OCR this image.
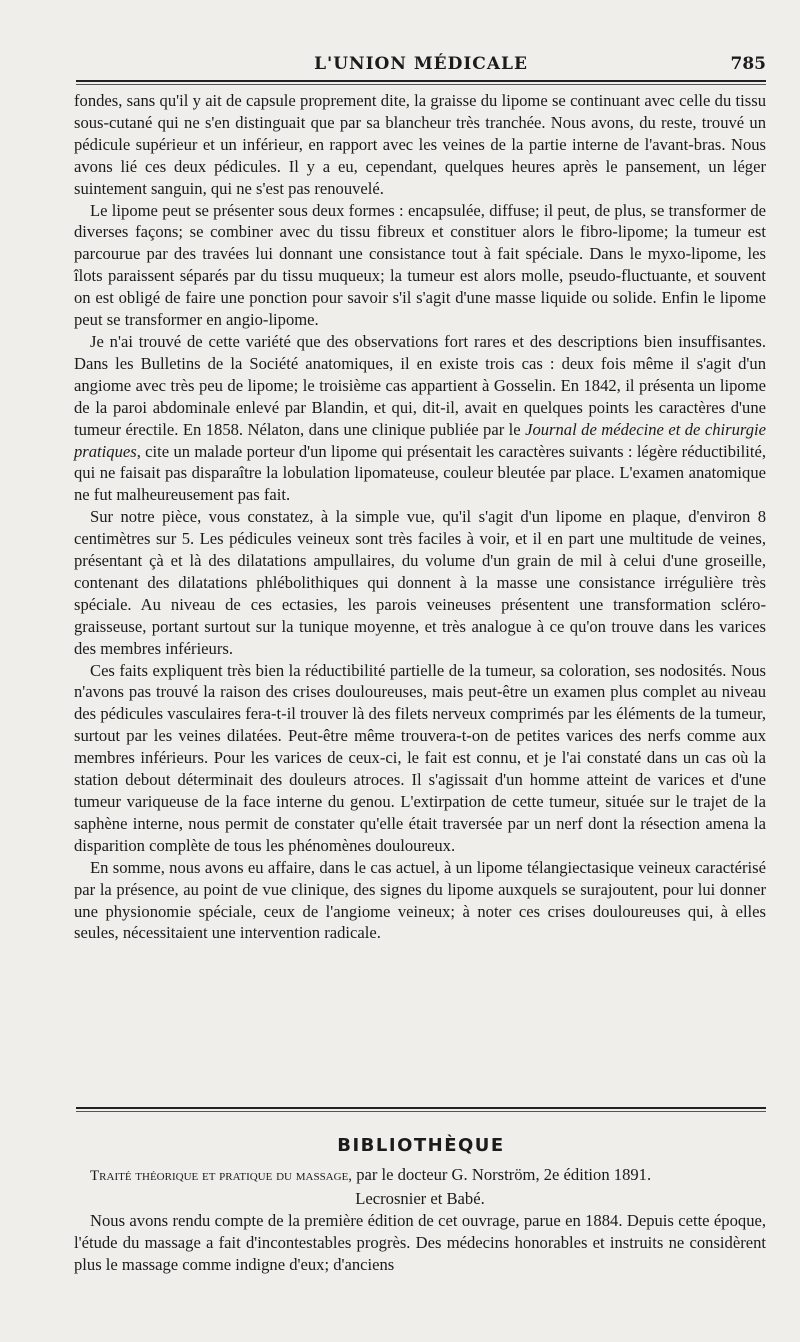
L'UNION MÉDICALE	785

fondes, sans qu'il y ait de capsule proprement dite, la graisse du lipome se continuant avec celle du tissu sous-cutané qui ne s'en distinguait que par sa blancheur très tranchée. Nous avons, du reste, trouvé un pédicule supérieur et un inférieur, en rapport avec les veines de la partie interne de l'avant-bras. Nous avons lié ces deux pédicules. Il y a eu, cependant, quelques heures après le pansement, un léger suintement sanguin, qui ne s'est pas renouvelé.

Le lipome peut se présenter sous deux formes : encapsulée, diffuse; il peut, de plus, se transformer de diverses façons; se combiner avec du tissu fibreux et constituer alors le fibro-lipome; la tumeur est parcourue par des travées lui donnant une consistance tout à fait spéciale. Dans le myxo-lipome, les îlots paraissent séparés par du tissu muqueux; la tumeur est alors molle, pseudo-fluctuante, et souvent on est obligé de faire une ponction pour savoir s'il s'agit d'une masse liquide ou solide. Enfin le lipome peut se transformer en angio-lipome.

Je n'ai trouvé de cette variété que des observations fort rares et des descriptions bien insuffisantes. Dans les Bulletins de la Société anatomiques, il en existe trois cas : deux fois même il s'agit d'un angiome avec très peu de lipome; le troisième cas appartient à Gosselin. En 1842, il présenta un lipome de la paroi abdominale enlevé par Blandin, et qui, dit-il, avait en quelques points les caractères d'une tumeur érectile. En 1858. Nélaton, dans une clinique publiée par le Journal de médecine et de chirurgie pratiques, cite un malade porteur d'un lipome qui présentait les caractères suivants : légère réductibilité, qui ne faisait pas disparaître la lobulation lipomateuse, couleur bleutée par place. L'examen anatomique ne fut malheureusement pas fait.

Sur notre pièce, vous constatez, à la simple vue, qu'il s'agit d'un lipome en plaque, d'environ 8 centimètres sur 5. Les pédicules veineux sont très faciles à voir, et il en part une multitude de veines, présentant çà et là des dilatations ampullaires, du volume d'un grain de mil à celui d'une groseille, contenant des dilatations phlébolithiques qui donnent à la masse une consistance irrégulière très spéciale. Au niveau de ces ectasies, les parois veineuses présentent une transformation scléro-graisseuse, portant surtout sur la tunique moyenne, et très analogue à ce qu'on trouve dans les varices des membres inférieurs.

Ces faits expliquent très bien la réductibilité partielle de la tumeur, sa coloration, ses nodosités. Nous n'avons pas trouvé la raison des crises douloureuses, mais peut-être un examen plus complet au niveau des pédicules vasculaires fera-t-il trouver là des filets nerveux comprimés par les éléments de la tumeur, surtout par les veines dilatées. Peut-être même trouvera-t-on de petites varices des nerfs comme aux membres inférieurs. Pour les varices de ceux-ci, le fait est connu, et je l'ai constaté dans un cas où la station debout déterminait des douleurs atroces. Il s'agissait d'un homme atteint de varices et d'une tumeur variqueuse de la face interne du genou. L'extirpation de cette tumeur, située sur le trajet de la saphène interne, nous permit de constater qu'elle était traversée par un nerf dont la résection amena la disparition complète de tous les phénomènes douloureux.

En somme, nous avons eu affaire, dans le cas actuel, à un lipome télangiectasique veineux caractérisé par la présence, au point de vue clinique, des signes du lipome auxquels se surajoutent, pour lui donner une physionomie spéciale, ceux de l'angiome veineux; à noter ces crises douloureuses qui, à elles seules, nécessitaient une intervention radicale.

BIBLIOTHÈQUE

Traité théorique et pratique du massage, par le docteur G. Norström, 2e édition 1891.
Lecrosnier et Babé.

Nous avons rendu compte de la première édition de cet ouvrage, parue en 1884. Depuis cette époque, l'étude du massage a fait d'incontestables progrès. Des médecins honorables et instruits ne considèrent plus le massage comme indigne d'eux; d'anciens
